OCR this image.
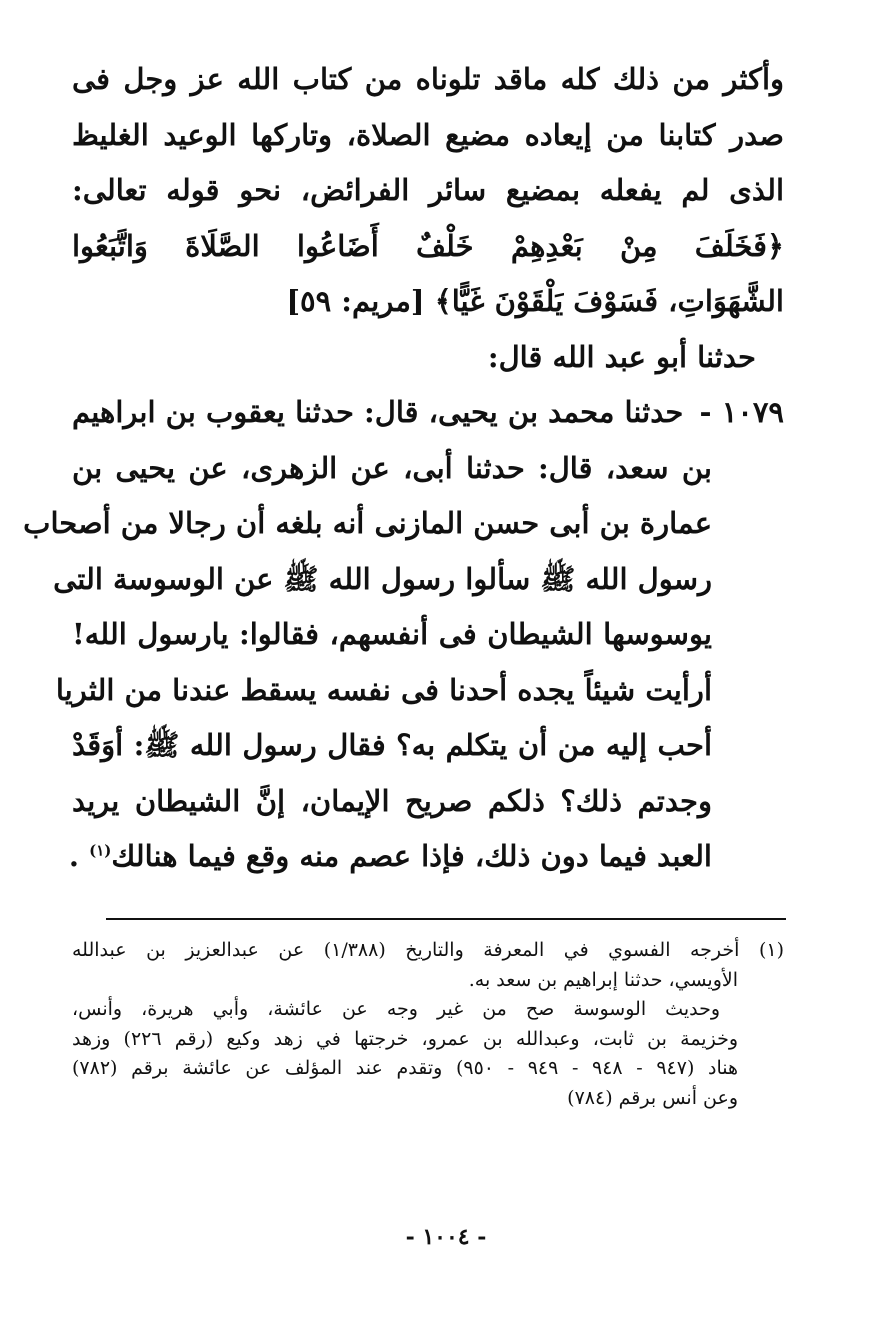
وأكثر من ذلك كله ماقد تلوناه من كتاب الله عز وجل فى
صدر كتابنا من إيعاده مضيع الصلاة، وتاركها الوعيد الغليظ
الذى لم يفعله بمضيع سائر الفرائض، نحو قوله تعالى:
﴿فَخَلَفَ مِنْ بَعْدِهِمْ خَلْفٌ أَضَاعُوا الصَّلَاةَ وَاتَّبَعُوا
الشَّهَوَاتِ، فَسَوْفَ يَلْقَوْنَ غَيًّا﴾ [مريم: ٥٩]
حدثنا أبو عبد الله قال:
١٠٧٩ - حدثنا محمد بن يحيى، قال: حدثنا يعقوب بن ابراهيم
بن سعد، قال: حدثنا أبى، عن الزهرى، عن يحيى بن
عمارة بن أبى حسن المازنى أنه بلغه أن رجالا من أصحاب
رسول الله ﷺ سألوا رسول الله ﷺ عن الوسوسة التى
يوسوسها الشيطان فى أنفسهم، فقالوا: يارسول الله!
أرأيت شيئاً يجده أحدنا فى نفسه يسقط عندنا من الثريا
أحب إليه من أن يتكلم به؟ فقال رسول الله ﷺ: أوَقَدْ
وجدتم ذلك؟ ذلكم صريح الإيمان، إنَّ الشيطان يريد
العبد فيما دون ذلك، فإذا عصم منه وقع فيما هنالك$^{(١)}$ .
(١) أخرجه الفسوي في المعرفة والتاريخ (١/٣٨٨) عن عبدالعزيز بن عبدالله
الأويسي، حدثنا إبراهيم بن سعد به.
وحديث الوسوسة صح من غير وجه عن عائشة، وأبي هريرة، وأنس،
وخزيمة بن ثابت، وعبدالله بن عمرو، خرجتها في زهد وكيع (رقم ٢٢٦) وزهد
هناد (٩٤٧ - ٩٤٨ - ٩٤٩ - ٩٥٠) وتقدم عند المؤلف عن عائشة برقم (٧٨٢)
وعن أنس برقم (٧٨٤)
- ١٠٠٤ -
